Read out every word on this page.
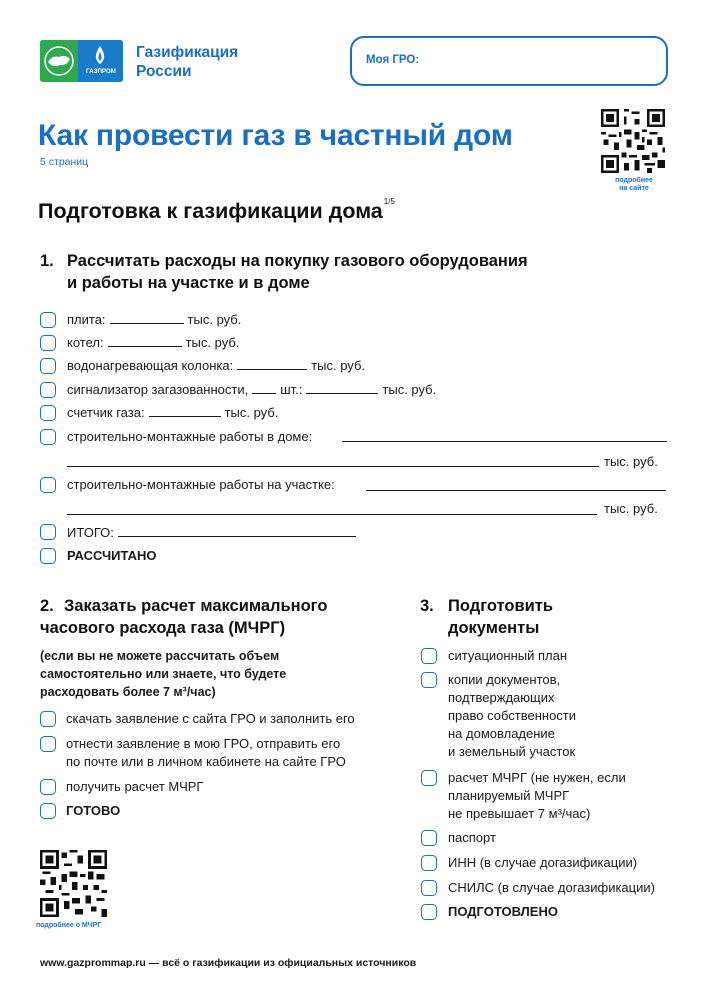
ГАЗПРОМ
Газификация
России
Моя ГРО:
Как провести газ в частный дом
5 страниц
подробнее
на сайте
Подготовка к газификации дома$^{1/5}$
1. Рассчитать расходы на покупку газового оборудования
и работы на участке и в доме
плита:	тыс. руб.
котел:	тыс. руб.
водонагревающая колонка:	тыс. руб.
сигнализатор загазованности, шт.:	тыс. руб.
счетчик газа:	тыс. руб.
строительно-монтажные работы в доме:
тыс. руб.
строительно-монтажные работы на участке:
тыс. руб.
ИТОГО:
РАССЧИТАНО
2. Заказать расчет максимального
часового расхода газа (МЧРГ)
(если вы не можете рассчитать объем
самостоятельно или знаете, что будете
расходовать более 7 м³/час)
скачать заявление с сайта ГРО и заполнить его
отнести заявление в мою ГРО, отправить его
по почте или в личном кабинете на сайте ГРО
получить расчет МЧРГ
ГОТОВО
3. Подготовить
документы
ситуационный план
копии документов,
подтверждающих
право собственности
на домовладение
и земельный участок
расчет МЧРГ (не нужен, если
планируемый МЧРГ
не превышает 7 м³/час)
паспорт
ИНН (в случае догазификации)
СНИЛС (в случае догазификации)
ПОДГОТОВЛЕНО
подробнее о МЧРГ
www.gazprommap.ru — всё о газификации из официальных источников
